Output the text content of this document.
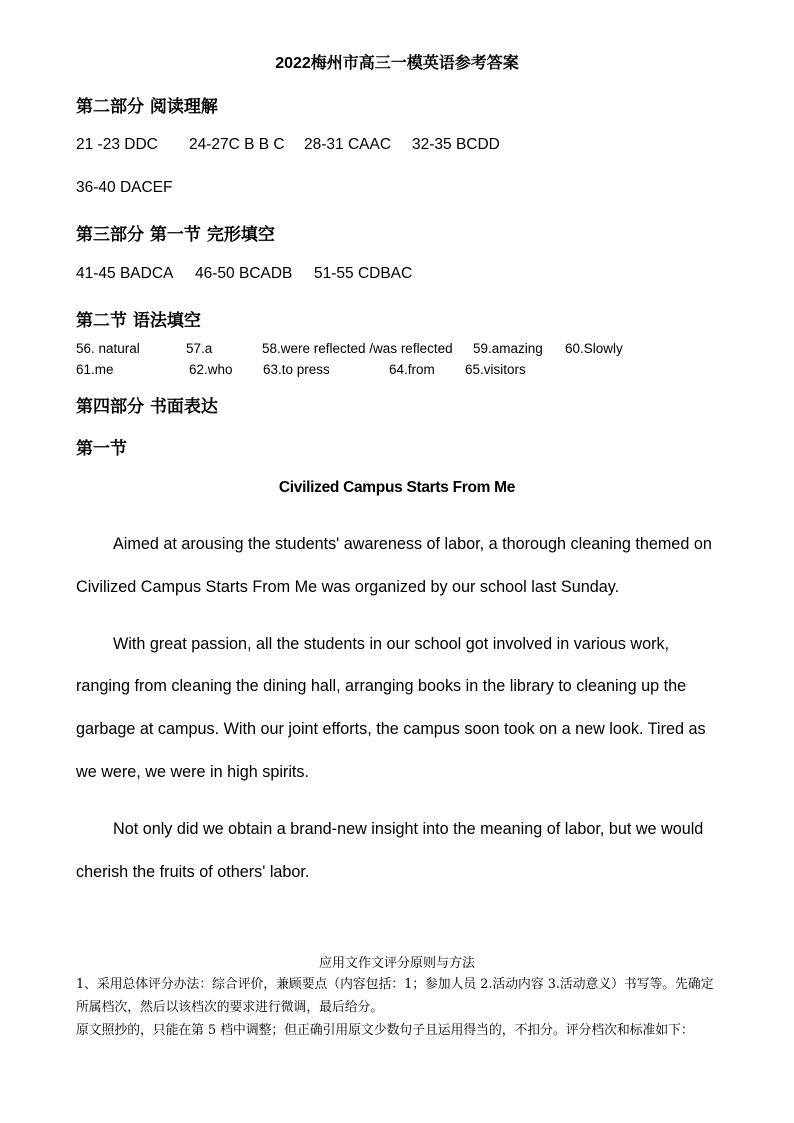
2022梅州市高三一模英语参考答案
第二部分 阅读理解
21 -23 DDC 24-27C B B C 28-31 CAAC 32-35 BCDD
36-40 DACEF
第三部分 第一节 完形填空
41-45 BADCA 46-50 BCADB 51-55 CDBAC
第二节 语法填空
56. natural	57.a	58.were reflected /was reflected 59.amazing 60.Slowly
61.me	62.who 63.to press	64.from 65.visitors
第四部分 书面表达
第一节
Civilized Campus Starts From Me

Aimed at arousing the students' awareness of labor, a thorough cleaning themed on Civilized Campus Starts From Me was organized by our school last Sunday.

With great passion, all the students in our school got involved in various work, ranging from cleaning the dining hall, arranging books in the library to cleaning up the garbage at campus. With our joint efforts, the campus soon took on a new look. Tired as we were, we were in high spirits.

Not only did we obtain a brand-new insight into the meaning of labor, but we would cherish the fruits of others' labor.

应用文作文评分原则与方法
1、采用总体评分办法：综合评价，兼顾要点（内容包括：1；参加人员 2.活动内容 3.活动意义）书写等。先确定所属档次，然后以该档次的要求进行微调，最后给分。
原文照抄的，只能在第 5 档中调整；但正确引用原文少数句子且运用得当的，不扣分。评分档次和标准如下：
